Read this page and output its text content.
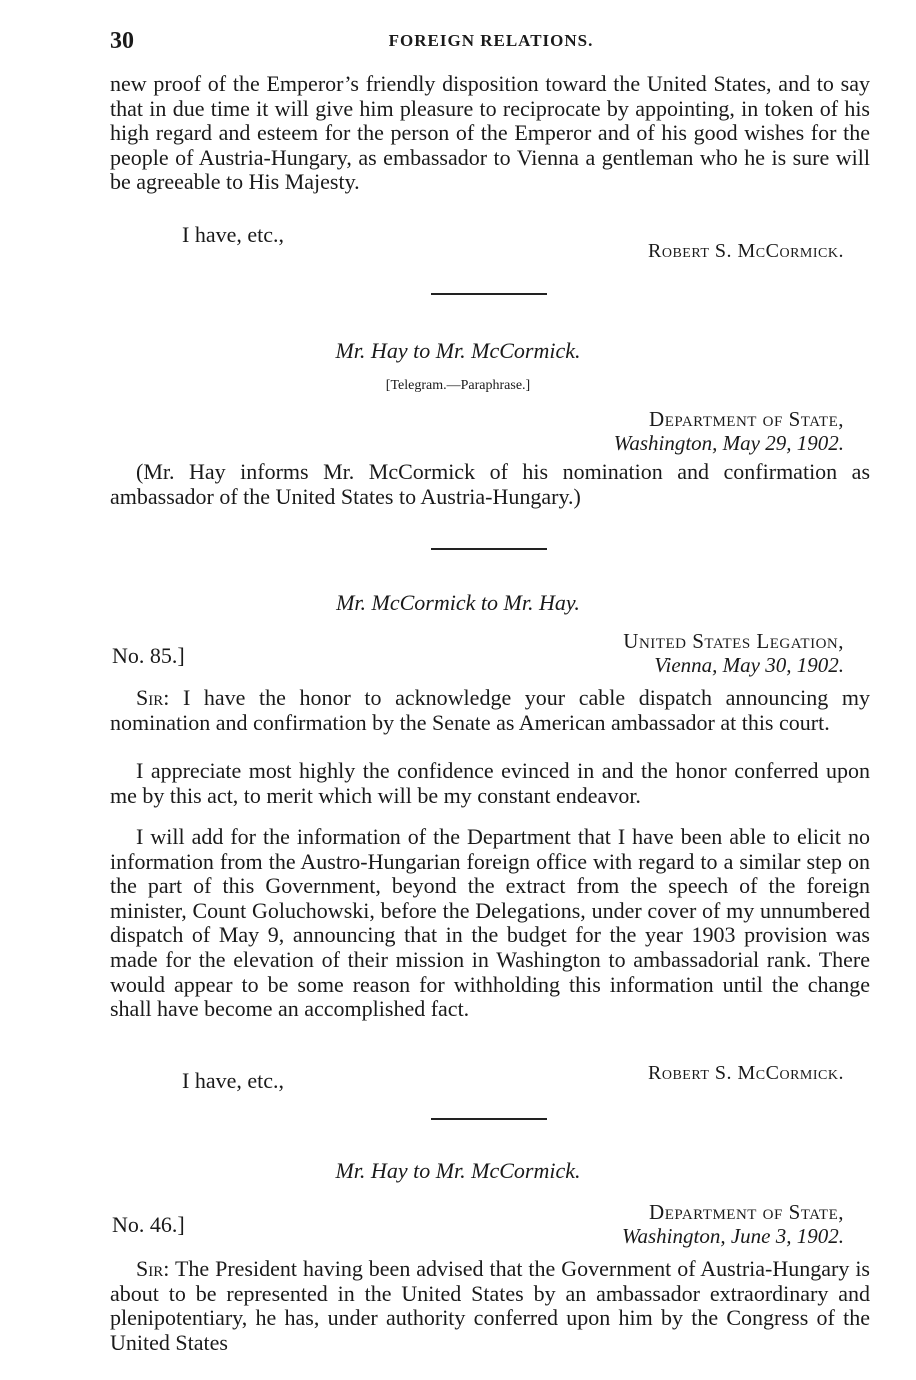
30	FOREIGN RELATIONS.

new proof of the Emperor’s friendly disposition toward the United States, and to say that in due time it will give him pleasure to reciprocate by appointing, in token of his high regard and esteem for the person of the Emperor and of his good wishes for the people of Austria-Hungary, as embassador to Vienna a gentleman who he is sure will be agreeable to His Majesty.

I have, etc.,
Robert S. McCormick.
Mr. Hay to Mr. McCormick.
[Telegram.—Paraphrase.]
Department of State,
Washington, May 29, 1902.

(Mr. Hay informs Mr. McCormick of his nomination and confirmation as ambassador of the United States to Austria-Hungary.)

Mr. McCormick to Mr. Hay.
No. 85.]
United States Legation,
Vienna, May 30, 1902.

Sir: I have the honor to acknowledge your cable dispatch announcing my nomination and confirmation by the Senate as American ambassador at this court.

I appreciate most highly the confidence evinced in and the honor conferred upon me by this act, to merit which will be my constant endeavor.

I will add for the information of the Department that I have been able to elicit no information from the Austro-Hungarian foreign office with regard to a similar step on the part of this Government, beyond the extract from the speech of the foreign minister, Count Goluchowski, before the Delegations, under cover of my unnumbered dispatch of May 9, announcing that in the budget for the year 1903 provision was made for the elevation of their mission in Washington to ambassadorial rank. There would appear to be some reason for withholding this information until the change shall have become an accomplished fact.

I have, etc.,	Robert S. McCormick.
Mr. Hay to Mr. McCormick.
No. 46.]	Department of State,
Washington, June 3, 1902.

Sir: The President having been advised that the Government of Austria-Hungary is about to be represented in the United States by an ambassador extraordinary and plenipotentiary, he has, under authority conferred upon him by the Congress of the United States
